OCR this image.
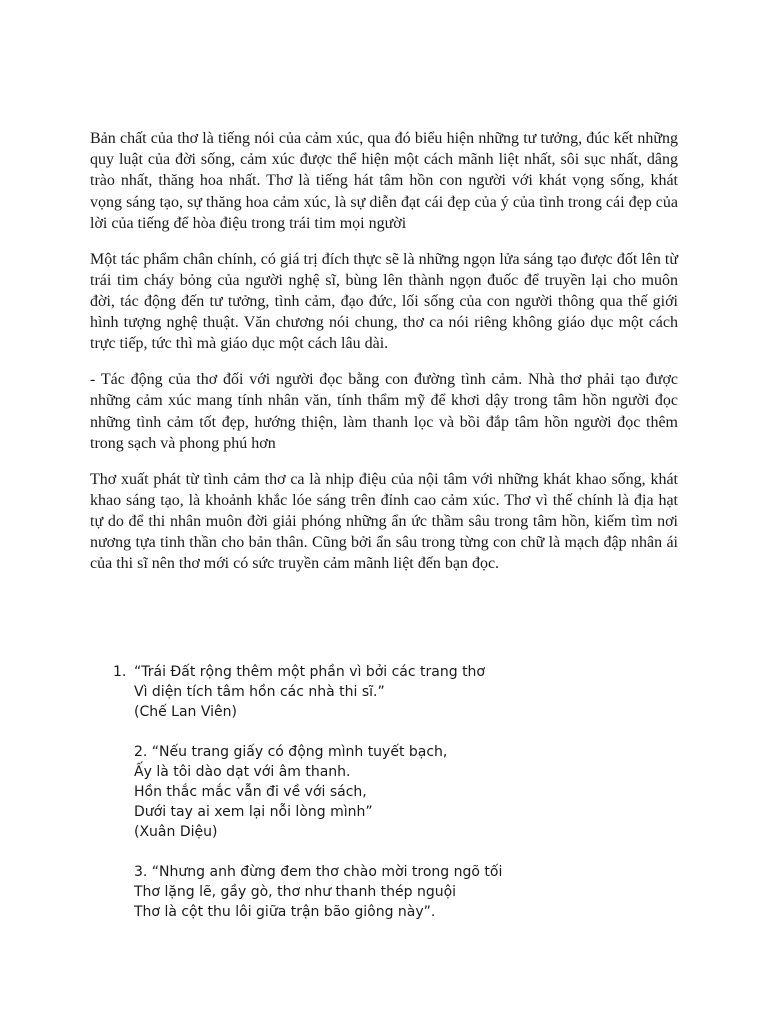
Bản chất của thơ là tiếng nói của cảm xúc, qua đó biểu hiện những tư tưởng, đúc kết những quy luật của đời sống, cảm xúc được thể hiện một cách mãnh liệt nhất, sôi sục nhất, dâng trào nhất, thăng hoa nhất. Thơ là tiếng hát tâm hồn con người với khát vọng sống, khát vọng sáng tạo, sự thăng hoa cảm xúc, là sự diễn đạt cái đẹp của ý của tình trong cái đẹp của lời của tiếng để hòa điệu trong trái tim mọi người

Một tác phẩm chân chính, có giá trị đích thực sẽ là những ngọn lửa sáng tạo được đốt lên từ trái tim cháy bỏng của người nghệ sĩ, bùng lên thành ngọn đuốc để truyền lại cho muôn đời, tác động đến tư tưởng, tình cảm, đạo đức, lối sống của con người thông qua thế giới hình tượng nghệ thuật. Văn chương nói chung, thơ ca nói riêng không giáo dục một cách trực tiếp, tức thì mà giáo dục một cách lâu dài.

- Tác động của thơ đối với người đọc bằng con đường tình cảm. Nhà thơ phải tạo được những cảm xúc mang tính nhân văn, tính thẩm mỹ để khơi dậy trong tâm hồn người đọc những tình cảm tốt đẹp, hướng thiện, làm thanh lọc và bồi đắp tâm hồn người đọc thêm trong sạch và phong phú hơn

Thơ xuất phát từ tình cảm thơ ca là nhịp điệu của nội tâm với những khát khao sống, khát khao sáng tạo, là khoảnh khắc lóe sáng trên đỉnh cao cảm xúc. Thơ vì thế chính là địa hạt tự do để thi nhân muôn đời giải phóng những ẩn ức thầm sâu trong tâm hồn, kiếm tìm nơi nương tựa tinh thần cho bản thân. Cũng bởi ẩn sâu trong từng con chữ là mạch đập nhân ái của thi sĩ nên thơ mới có sức truyền cảm mãnh liệt đến bạn đọc.

1. “Trái Đất rộng thêm một phần vì bởi các trang thơ
Vì diện tích tâm hồn các nhà thi sĩ.”
(Chế Lan Viên)
2. “Nếu trang giấy có động mình tuyết bạch,
Ấy là tôi dào dạt với âm thanh.
Hồn thắc mắc vẫn đi về với sách,
Dưới tay ai xem lại nỗi lòng mình”
(Xuân Diệu)
3. “Nhưng anh đừng đem thơ chào mời trong ngõ tối
Thơ lặng lẽ, gầy gò, thơ như thanh thép nguội
Thơ là cột thu lôi giữa trận bão giông này”.
